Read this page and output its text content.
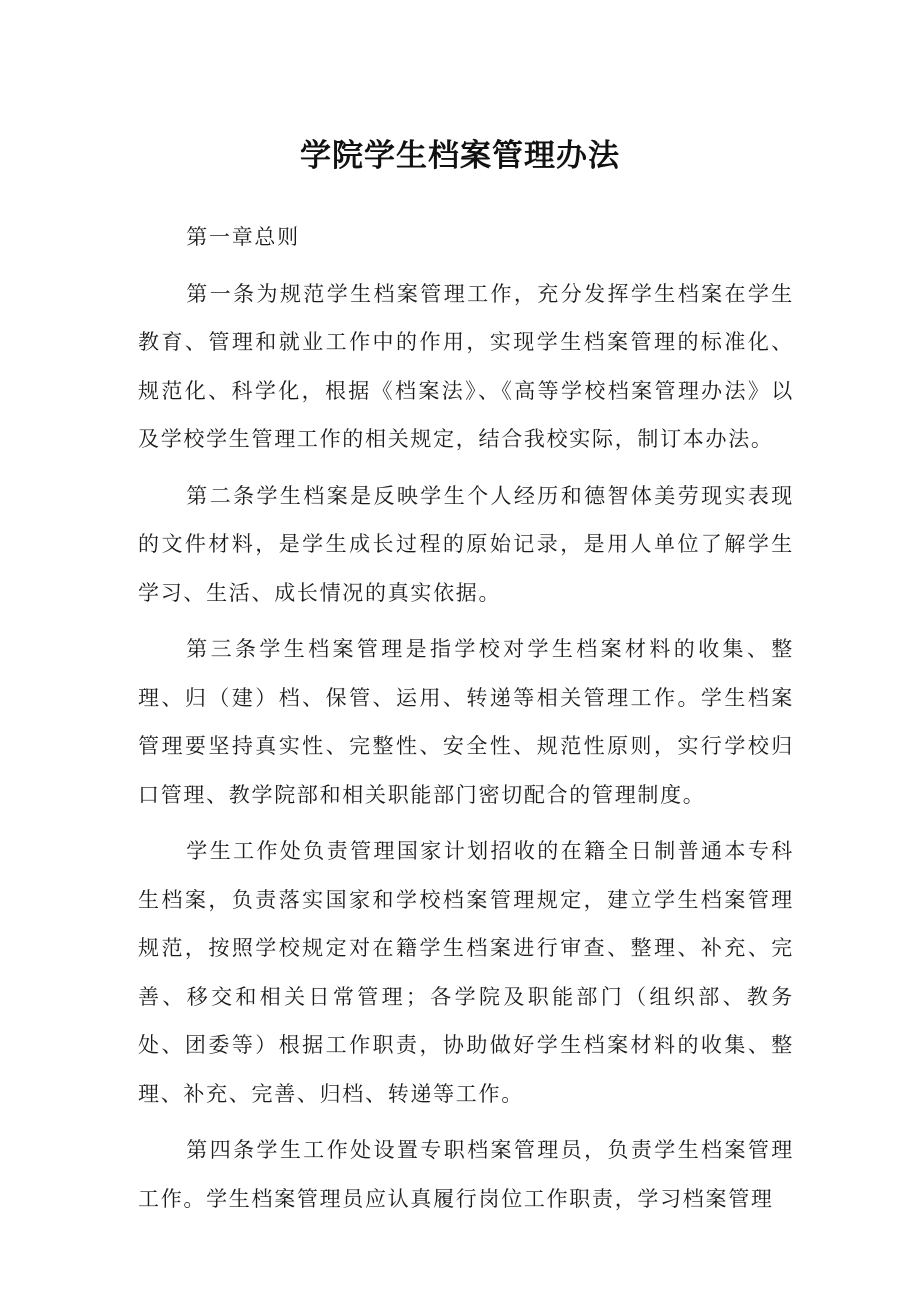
学院学生档案管理办法

第一章总则

第一条为规范学生档案管理工作，充分发挥学生档案在学生教育、管理和就业工作中的作用，实现学生档案管理的标准化、规范化、科学化，根据《档案法》、《高等学校档案管理办法》以及学校学生管理工作的相关规定，结合我校实际，制订本办法。

第二条学生档案是反映学生个人经历和德智体美劳现实表现的文件材料，是学生成长过程的原始记录，是用人单位了解学生学习、生活、成长情况的真实依据。

第三条学生档案管理是指学校对学生档案材料的收集、整理、归（建）档、保管、运用、转递等相关管理工作。学生档案管理要坚持真实性、完整性、安全性、规范性原则，实行学校归口管理、教学院部和相关职能部门密切配合的管理制度。

学生工作处负责管理国家计划招收的在籍全日制普通本专科生档案，负责落实国家和学校档案管理规定，建立学生档案管理规范，按照学校规定对在籍学生档案进行审查、整理、补充、完善、移交和相关日常管理；各学院及职能部门（组织部、教务处、团委等）根据工作职责，协助做好学生档案材料的收集、整理、补充、完善、归档、转递等工作。

第四条学生工作处设置专职档案管理员，负责学生档案管理工作。学生档案管理员应认真履行岗位工作职责，学习档案管理
